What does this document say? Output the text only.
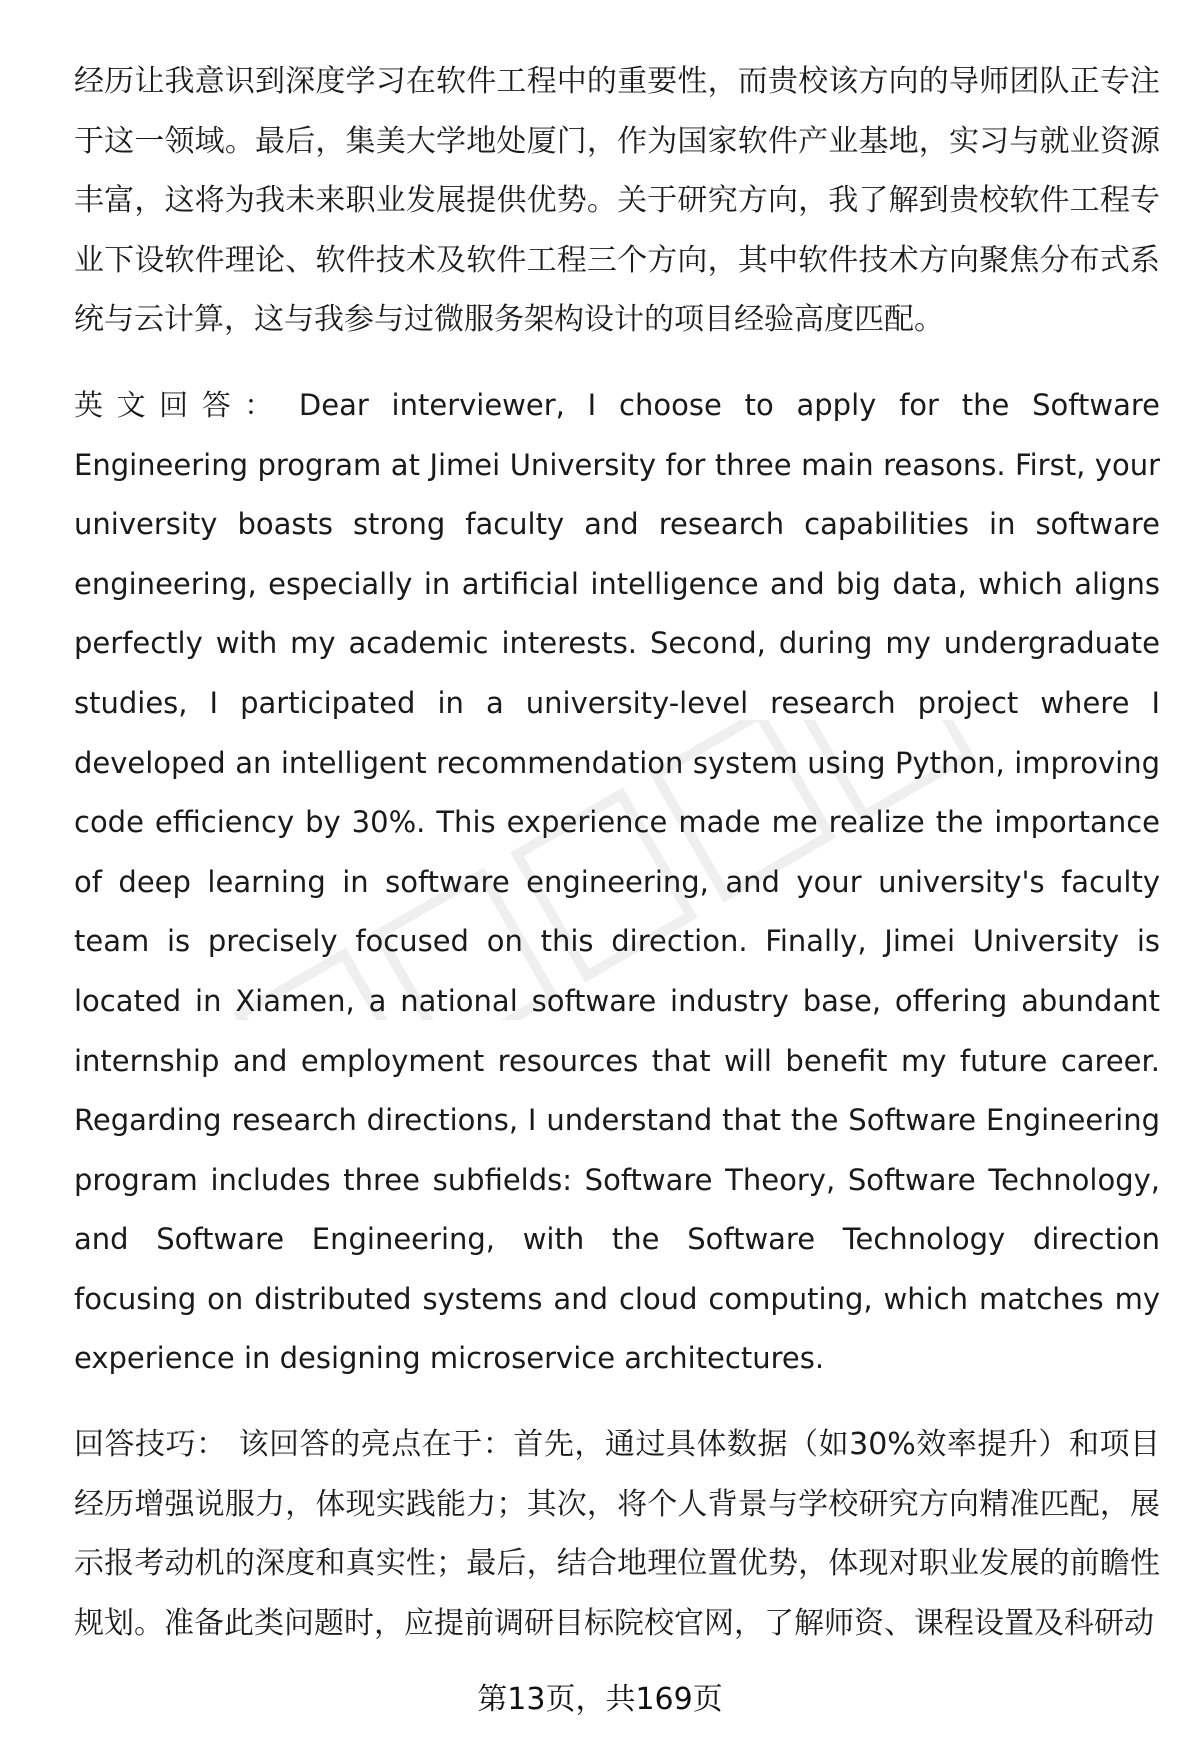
经历让我意识到深度学习在软件工程中的重要性，而贵校该方向的导师团队正专注于这一领域。最后，集美大学地处厦门，作为国家软件产业基地，实习与就业资源丰富，这将为我未来职业发展提供优势。关于研究方向，我了解到贵校软件工程专业下设软件理论、软件技术及软件工程三个方向，其中软件技术方向聚焦分布式系统与云计算，这与我参与过微服务架构设计的项目经验高度匹配。

英文回答： Dear interviewer, I choose to apply for the Software Engineering program at Jimei University for three main reasons. First, your university boasts strong faculty and research capabilities in software engineering, especially in artificial intelligence and big data, which aligns perfectly with my academic interests. Second, during my undergraduate studies, I participated in a university-level research project where I developed an intelligent recommendation system using Python, improving code efficiency by 30%. This experience made me realize the importance of deep learning in software engineering, and your university's faculty team is precisely focused on this direction. Finally, Jimei University is located in Xiamen, a national software industry base, offering abundant internship and employment resources that will benefit my future career. Regarding research directions, I understand that the Software Engineering program includes three subfields: Software Theory, Software Technology, and Software Engineering, with the Software Technology direction focusing on distributed systems and cloud computing, which matches my experience in designing microservice architectures.

回答技巧： 该回答的亮点在于：首先，通过具体数据（如30%效率提升）和项目经历增强说服力，体现实践能力；其次，将个人背景与学校研究方向精准匹配，展示报考动机的深度和真实性；最后，结合地理位置优势，体现对职业发展的前瞻性规划。准备此类问题时，应提前调研目标院校官网，了解师资、课程设置及科研动

第13页，共169页
